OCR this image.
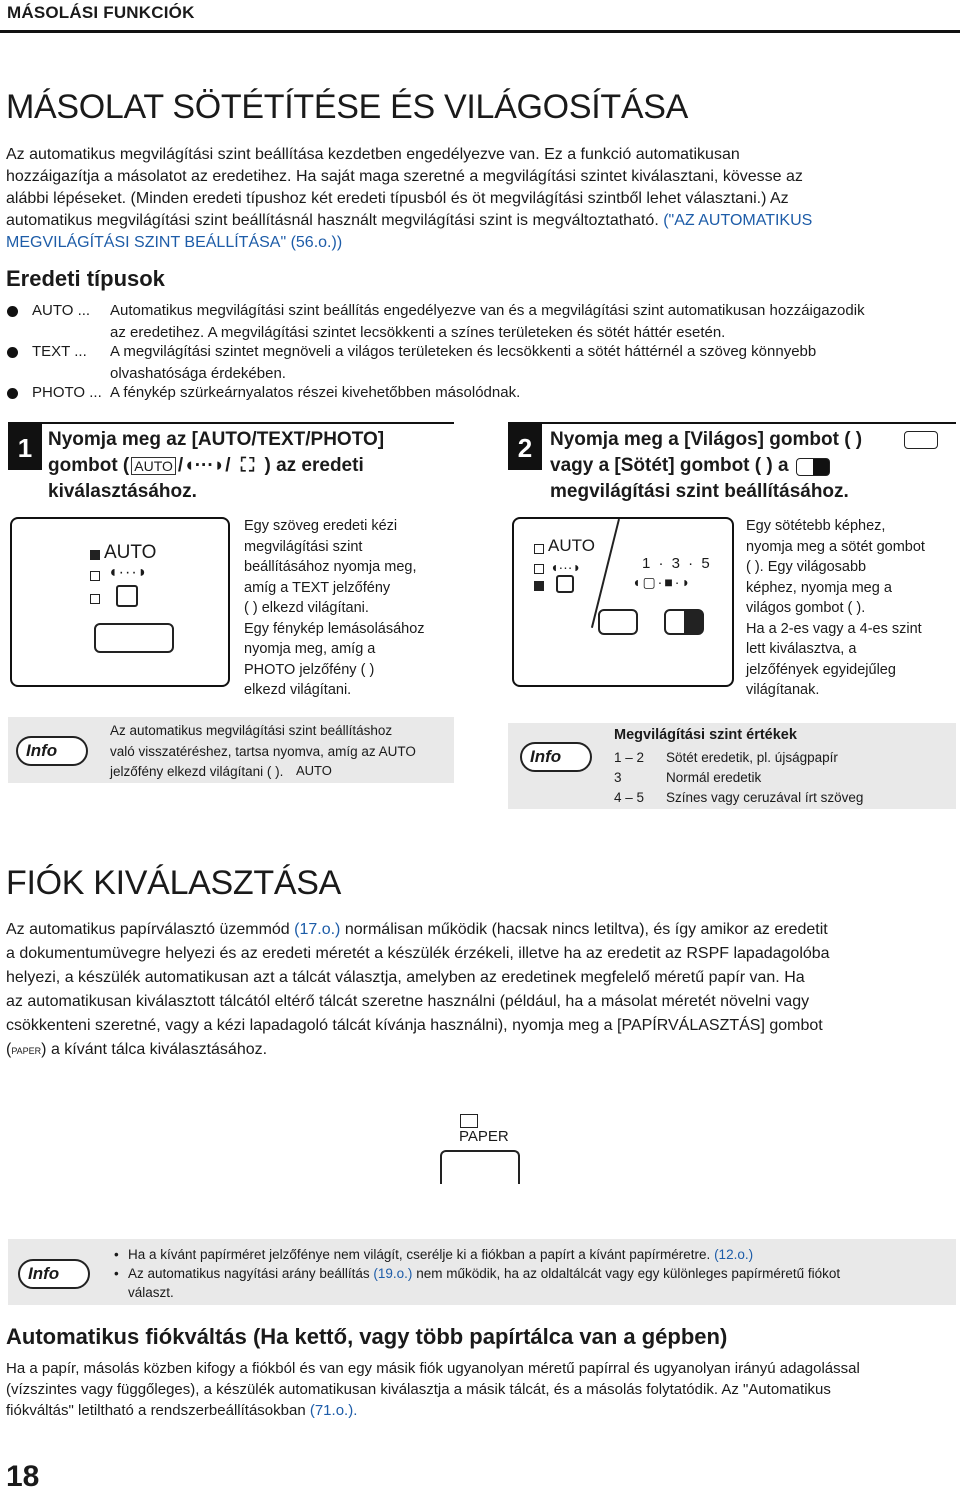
MÁSOLÁSI FUNKCIÓK
MÁSOLAT SÖTÉTÍTÉSE ÉS VILÁGOSÍTÁSA
Az automatikus megvilágítási szint beállítása kezdetben engedélyezve van. Ez a funkció automatikusan
hozzáigazítja a másolatot az eredetihez. Ha saját maga szeretné a megvilágítási szintet kiválasztani, kövesse az
alábbi lépéseket. (Minden eredeti típushoz két eredeti típusból és öt megvilágítási szintből lehet választani.) Az
automatikus megvilágítási szint beállításnál használt megvilágítási szint is megváltoztatható. ("AZ AUTOMATIKUS
MEGVILÁGÍTÁSI SZINT BEÁLLÍTÁSA" (56.o.))
Eredeti típusok
AUTO ... Automatikus megvilágítási szint beállítás engedélyezve van és a megvilágítási szint automatikusan hozzáigazodik
az eredetihez. A megvilágítási szintet lecsökkenti a színes területeken és sötét háttér esetén.
TEXT ... A megvilágítási szintet megnöveli a világos területeken és lecsökkenti a sötét háttérnél a szöveg könnyebb
olvashatósága érdekében.
PHOTO ... A fénykép szürkeárnyalatos részei kivehetőbben másolódnak.
1 Nyomja meg az [AUTO/TEXT/PHOTO]
gombot ( AUTO /◖···◗/ ⛶ ) az eredeti
kiválasztásához.
AUTO
◖···◗
Egy szöveg eredeti kézi
megvilágítási szint
beállításához nyomja meg,
amíg a TEXT jelzőfény
( ) elkezd világítani.
Egy fénykép lemásolásához
nyomja meg, amíg a
PHOTO jelzőfény ( )
elkezd világítani.
2 Nyomja meg a [Világos] gombot ( )
vagy a [Sötét] gombot ( ) a
megvilágítási szint beállításához.
AUTO
◖···◗	1 · 3 · 5
◖▢·■·◗
Egy sötétebb képhez,
nyomja meg a sötét gombot
( ). Egy világosabb
képhez, nyomja meg a
világos gombot ( ).
Ha a 2-es vagy a 4-es szint
lett kiválasztva, a
jelzőfények egyidejűleg
világítanak.
Info
Az automatikus megvilágítási szint beállításhoz
való visszatéréshez, tartsa nyomva, amíg az AUTO
jelzőfény elkezd világítani ( ). AUTO
Info
Megvilágítási szint értékek
1 – 2	Sötét eredetik, pl. újságpapír
3	Normál eredetik
4 – 5	Színes vagy ceruzával írt szöveg
FIÓK KIVÁLASZTÁSA
Az automatikus papírválasztó üzemmód (17.o.) normálisan működik (hacsak nincs letiltva), és így amikor az eredetit
a dokumentumüvegre helyezi és az eredeti méretét a készülék érzékeli, illetve ha az eredetit az RSPF lapadagolóba
helyezi, a készülék automatikusan azt a tálcát választja, amelyben az eredetinek megfelelő méretű papír van. Ha
az automatikusan kiválasztott tálcától eltérő tálcát szeretne használni (például, ha a másolat méretét növelni vagy
csökkenteni szeretné, vagy a kézi lapadagoló tálcát kívánja használni), nyomja meg a [PAPÍRVÁLASZTÁS] gombot
(PAPER) a kívánt tálca kiválasztásához.
PAPER
Info
• Ha a kívánt papírméret jelzőfénye nem világít, cserélje ki a fiókban a papírt a kívánt papírméretre. (12.o.)
• Az automatikus nagyítási arány beállítás (19.o.) nem működik, ha az oldaltálcát vagy egy különleges papírméretű fiókot
választ.
Automatikus fiókváltás (Ha kettő, vagy több papírtálca van a gépben)
Ha a papír, másolás közben kifogy a fiókból és van egy másik fiók ugyanolyan méretű papírral és ugyanolyan irányú adagolással
(vízszintes vagy függőleges), a készülék automatikusan kiválasztja a másik tálcát, és a másolás folytatódik. Az "Automatikus
fiókváltás" letiltható a rendszerbeállításokban (71.o.).
18
